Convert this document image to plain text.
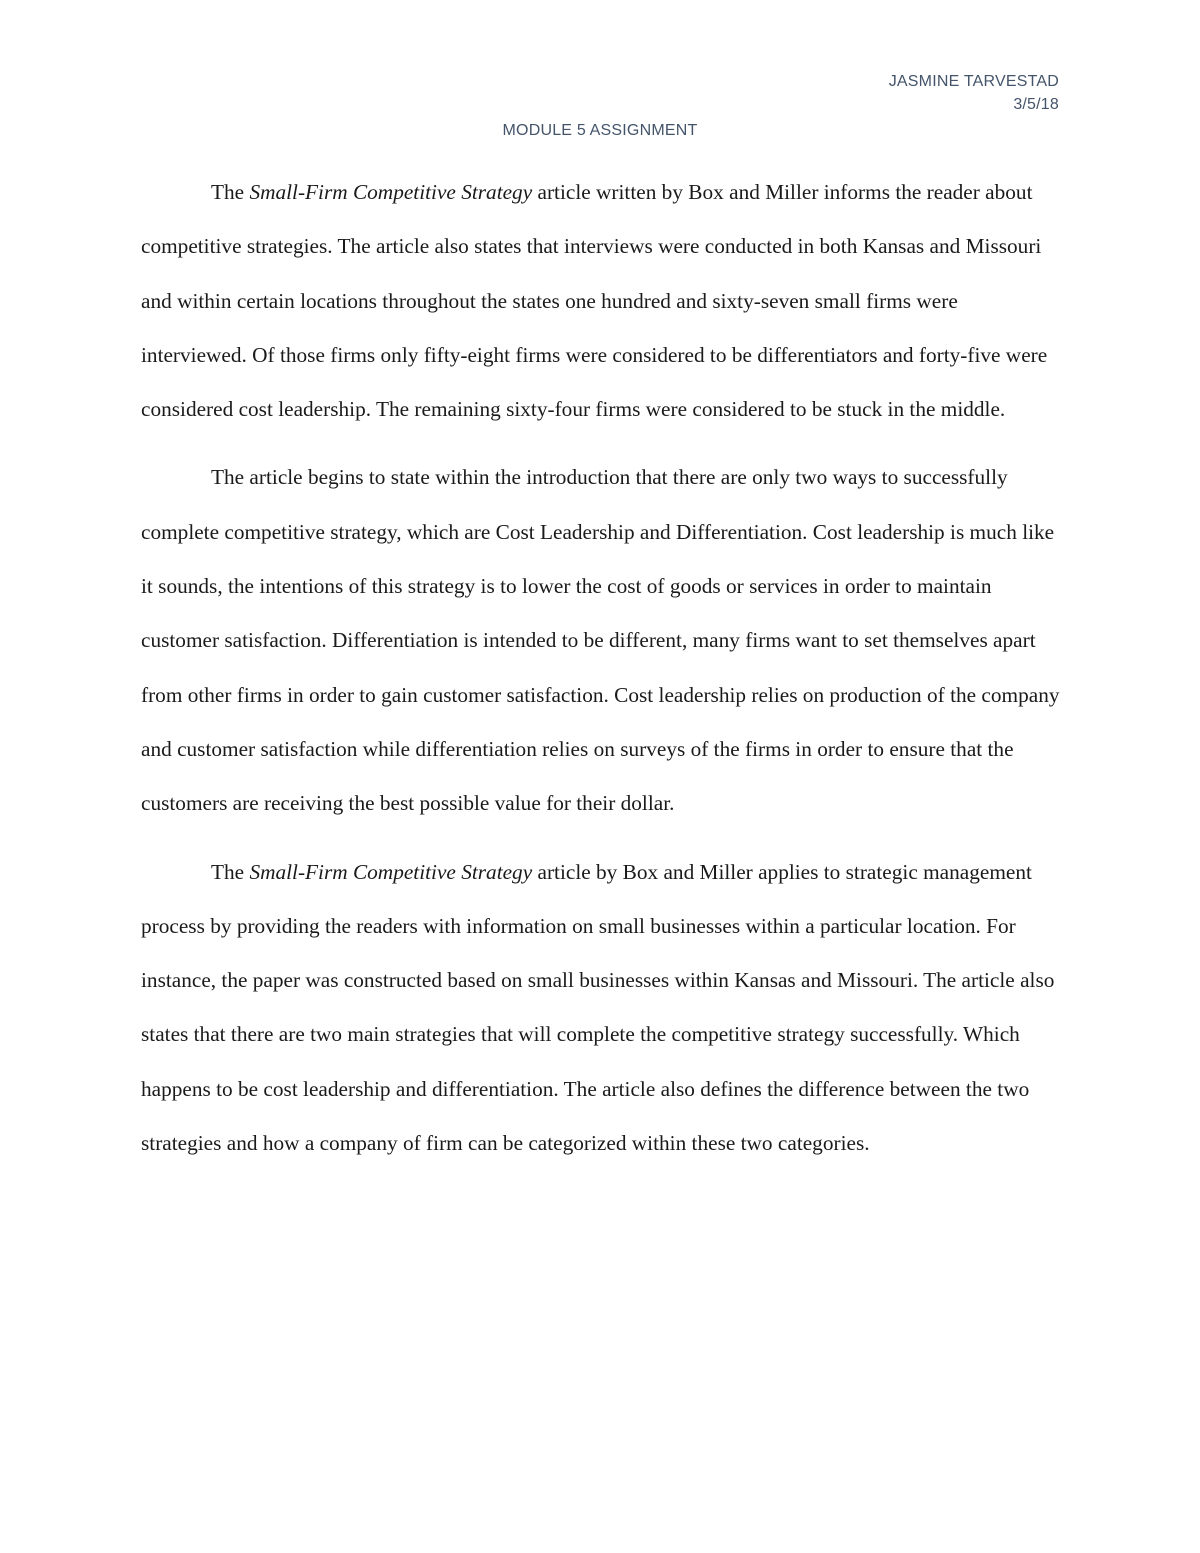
JASMINE TARVESTAD
3/5/18
MODULE 5 ASSIGNMENT

The Small-Firm Competitive Strategy article written by Box and Miller informs the reader about competitive strategies. The article also states that interviews were conducted in both Kansas and Missouri and within certain locations throughout the states one hundred and sixty-seven small firms were interviewed. Of those firms only fifty-eight firms were considered to be differentiators and forty-five were considered cost leadership. The remaining sixty-four firms were considered to be stuck in the middle.

The article begins to state within the introduction that there are only two ways to successfully complete competitive strategy, which are Cost Leadership and Differentiation. Cost leadership is much like it sounds, the intentions of this strategy is to lower the cost of goods or services in order to maintain customer satisfaction. Differentiation is intended to be different, many firms want to set themselves apart from other firms in order to gain customer satisfaction. Cost leadership relies on production of the company and customer satisfaction while differentiation relies on surveys of the firms in order to ensure that the customers are receiving the best possible value for their dollar.

The Small-Firm Competitive Strategy article by Box and Miller applies to strategic management process by providing the readers with information on small businesses within a particular location. For instance, the paper was constructed based on small businesses within Kansas and Missouri. The article also states that there are two main strategies that will complete the competitive strategy successfully. Which happens to be cost leadership and differentiation. The article also defines the difference between the two strategies and how a company of firm can be categorized within these two categories.
